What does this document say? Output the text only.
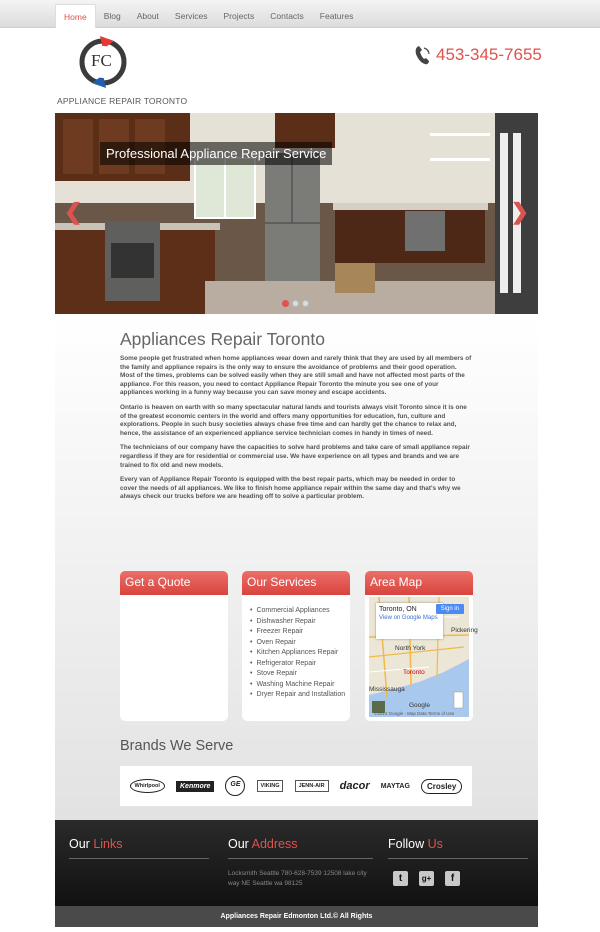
Home	Blog	About	Services	Projects	Contacts	Features
FC
APPLIANCE REPAIR TORONTO
453-345-7655
Professional Appliance Repair Service
❮	❯
Appliances Repair Toronto

Some people get frustrated when home appliances wear down and rarely think that they are used by all members of the family and appliance repairs is the only way to ensure the avoidance of problems and their good operation. Most of the times, problems can be solved easily when they are still small and have not affected most parts of the appliance. For this reason, you need to contact Appliance Repair Toronto the minute you see one of your appliances working in a funny way because you can save money and escape accidents.

Ontario is heaven on earth with so many spectacular natural lands and tourists always visit Toronto since it is one of the greatest economic centers in the world and offers many opportunities for education, fun, culture and explorations. People in such busy societies always chase free time and can hardly get the chance to relax and, hence, the assistance of an experienced appliance service technician comes in handy in times of need.

The technicians of our company have the capacities to solve hard problems and take care of small appliance repair regardless if they are for residential or commercial use. We have experience on all types and brands and we are trained to fix old and new models.

Every van of Appliance Repair Toronto is equipped with the best repair parts, which may be needed in order to cover the needs of all appliances. We like to finish home appliance repair within the same day and that's why we always check our trucks before we are heading off to solve a particular problem.

Get a Quote	Our Services
• Commercial Appliances
• Dishwasher Repair
• Freezer Repair
• Oven Repair
• Kitchen Appliances Repair
• Refrigerator Repair
• Stove Repair
• Washing Machine Repair
• Dryer Repair and Installation
Area Map
Toronto, ON
View on Google Maps
Sign in
North York
Toronto
Mississauga
Pickering
Google
©2014 Google - Map Data Terms of Use
Brands We Serve
Whirlpool	Kenmore	GE	VIKING	JENN-AIR	dacor MAYTAG	Crosley
Our Links	Our Address
Locksmith Seattle 780-628-7539 12508 lake city way NE Seattle wa 98125
Follow Us
t	g+	f
Appliances Repair Edmonton Ltd.© All Rights
